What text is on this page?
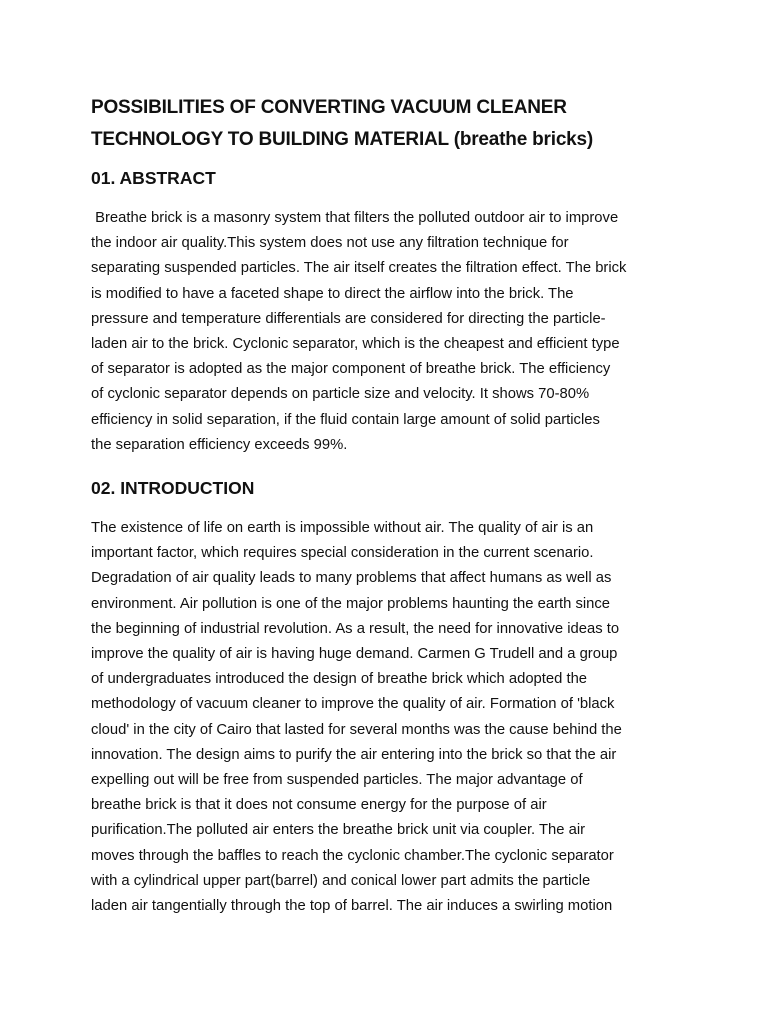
POSSIBILITIES OF CONVERTING VACUUM CLEANER
TECHNOLOGY TO BUILDING MATERIAL (breathe bricks)
01. ABSTRACT

Breathe brick is a masonry system that filters the polluted outdoor air to improve
the indoor air quality.This system does not use any filtration technique for
separating suspended particles. The air itself creates the filtration effect. The brick
is modified to have a faceted shape to direct the airflow into the brick. The
pressure and temperature differentials are considered for directing the particle-
laden air to the brick. Cyclonic separator, which is the cheapest and efficient type
of separator is adopted as the major component of breathe brick. The efficiency
of cyclonic separator depends on particle size and velocity. It shows 70-80%
efficiency in solid separation, if the fluid contain large amount of solid particles
the separation efficiency exceeds 99%.

02. INTRODUCTION

The existence of life on earth is impossible without air. The quality of air is an
important factor, which requires special consideration in the current scenario.
Degradation of air quality leads to many problems that affect humans as well as
environment. Air pollution is one of the major problems haunting the earth since
the beginning of industrial revolution. As a result, the need for innovative ideas to
improve the quality of air is having huge demand. Carmen G Trudell and a group
of undergraduates introduced the design of breathe brick which adopted the
methodology of vacuum cleaner to improve the quality of air. Formation of 'black
cloud' in the city of Cairo that lasted for several months was the cause behind the
innovation. The design aims to purify the air entering into the brick so that the air
expelling out will be free from suspended particles. The major advantage of
breathe brick is that it does not consume energy for the purpose of air
purification.The polluted air enters the breathe brick unit via coupler. The air
moves through the baffles to reach the cyclonic chamber.The cyclonic separator
with a cylindrical upper part(barrel) and conical lower part admits the particle
laden air tangentially through the top of barrel. The air induces a swirling motion
